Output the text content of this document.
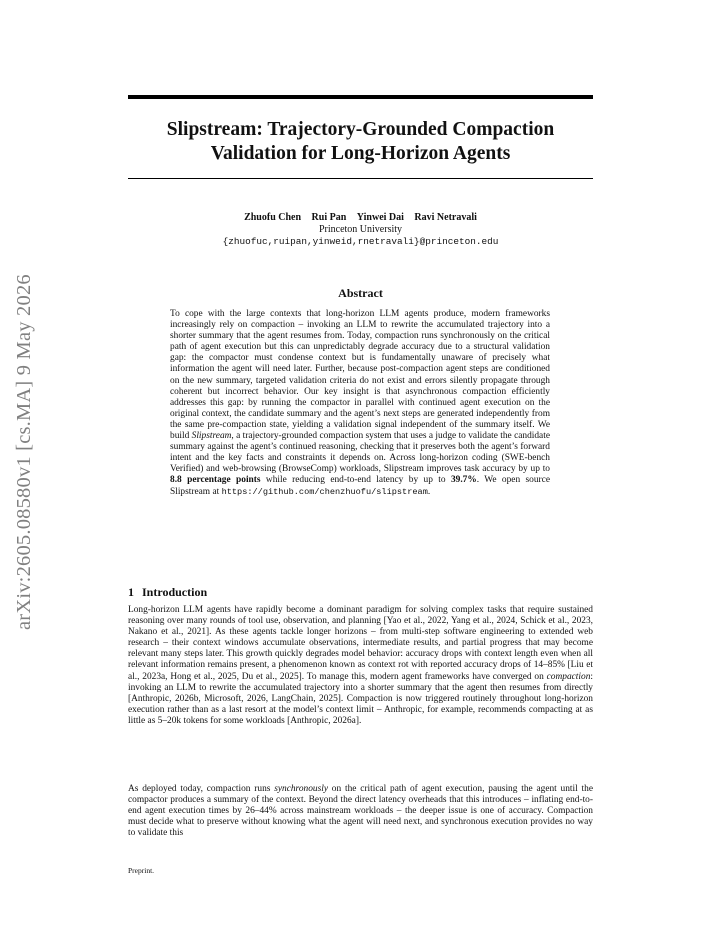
arXiv:2605.08580v1 [cs.MA] 9 May 2026
Slipstream: Trajectory-Grounded Compaction
Validation for Long-Horizon Agents
Zhuofu Chen Rui Pan Yinwei Dai Ravi Netravali
Princeton University
{zhuofuc,ruipan,yinweid,rnetravali}@princeton.edu
Abstract
To cope with the large contexts that long-horizon LLM agents produce, modern frameworks increasingly rely on compaction – invoking an LLM to rewrite the accumulated trajectory into a shorter summary that the agent resumes from. Today, compaction runs synchronously on the critical path of agent execution but this can unpredictably degrade accuracy due to a structural validation gap: the compactor must condense context but is fundamentally unaware of precisely what information the agent will need later. Further, because post-compaction agent steps are conditioned on the new summary, targeted validation criteria do not exist and errors silently propagate through coherent but incorrect behavior. Our key insight is that asynchronous compaction efficiently addresses this gap: by running the compactor in parallel with continued agent execution on the original context, the candidate summary and the agent’s next steps are generated independently from the same pre-compaction state, yielding a validation signal independent of the summary itself. We build Slipstream, a trajectory-grounded compaction system that uses a judge to validate the candidate summary against the agent’s continued reasoning, checking that it preserves both the agent’s forward intent and the key facts and constraints it depends on. Across long-horizon coding (SWE-bench Verified) and web-browsing (BrowseComp) workloads, Slipstream improves task accuracy by up to 8.8 percentage points while reducing end-to-end latency by up to 39.7%. We open source Slipstream at https://github.com/chenzhuofu/slipstream.
1 Introduction
Long-horizon LLM agents have rapidly become a dominant paradigm for solving complex tasks that require sustained reasoning over many rounds of tool use, observation, and planning [Yao et al., 2022, Yang et al., 2024, Schick et al., 2023, Nakano et al., 2021]. As these agents tackle longer horizons – from multi-step software engineering to extended web research – their context windows accumulate observations, intermediate results, and partial progress that may become relevant many steps later. This growth quickly degrades model behavior: accuracy drops with context length even when all relevant information remains present, a phenomenon known as context rot with reported accuracy drops of 14–85% [Liu et al., 2023a, Hong et al., 2025, Du et al., 2025]. To manage this, modern agent frameworks have converged on compaction: invoking an LLM to rewrite the accumulated trajectory into a shorter summary that the agent then resumes from directly [Anthropic, 2026b, Microsoft, 2026, LangChain, 2025]. Compaction is now triggered routinely throughout long-horizon execution rather than as a last resort at the model’s context limit – Anthropic, for example, recommends compacting at as little as 5–20k tokens for some workloads [Anthropic, 2026a].
As deployed today, compaction runs synchronously on the critical path of agent execution, pausing the agent until the compactor produces a summary of the context. Beyond the direct latency overheads that this introduces – inflating end-to-end agent execution times by 26–44% across mainstream workloads – the deeper issue is one of accuracy. Compaction must decide what to preserve without knowing what the agent will need next, and synchronous execution provides no way to validate this
Preprint.
